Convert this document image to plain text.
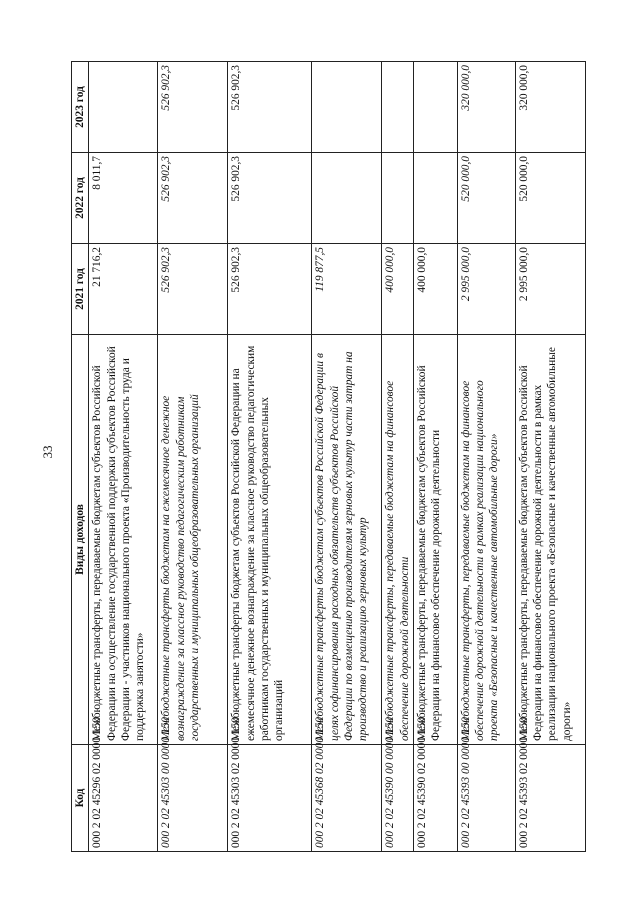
33
Код	Виды доходов	2021 год	2022 год	2023 год
000 2 02 45296 02 0000 150	Межбюджетные трансферты, передаваемые бюджетам субъектов Российской Федерации на осуществление государственной поддержки субъектов Российской Федерации - участников национального проекта «Производительность труда и поддержка занятости»	21 716,2	8 011,7	
000 2 02 45303 00 0000 150	Межбюджетные трансферты бюджетам на ежемесячное денежное вознаграждение за классное руководство педагогическим работникам государственных и муниципальных общеобразовательных организаций	526 902,3	526 902,3	526 902,3
000 2 02 45303 02 0000 150	Межбюджетные трансферты бюджетам субъектов Российской Федерации на ежемесячное денежное вознаграждение за классное руководство педагогическим работникам государственных и муниципальных общеобразовательных организаций	526 902,3	526 902,3	526 902,3
000 2 02 45368 02 0000 150	Межбюджетные трансферты бюджетам субъектов Российской Федерации в целях софинансирования расходных обязательств субъектов Российской Федерации по возмещению производителям зерновых культур части затрат на производство и реализацию зерновых культур	119 877,5		
000 2 02 45390 00 0000 150	Межбюджетные трансферты, передаваемые бюджетам на финансовое обеспечение дорожной деятельности	400 000,0		
000 2 02 45390 02 0000 150	Межбюджетные трансферты, передаваемые бюджетам субъектов Российской Федерации на финансовое обеспечение дорожной деятельности	400 000,0		
000 2 02 45393 00 0000 150	Межбюджетные трансферты, передаваемые бюджетам на финансовое обеспечение дорожной деятельности в рамках реализации национального проекта «Безопасные и качественные автомобильные дороги»	2 995 000,0	520 000,0	320 000,0
000 2 02 45393 02 0000 150	Межбюджетные трансферты, передаваемые бюджетам субъектов Российской Федерации на финансовое обеспечение дорожной деятельности в рамках реализации национального проекта «Безопасные и качественные автомобильные дороги»	2 995 000,0	520 000,0	320 000,0
